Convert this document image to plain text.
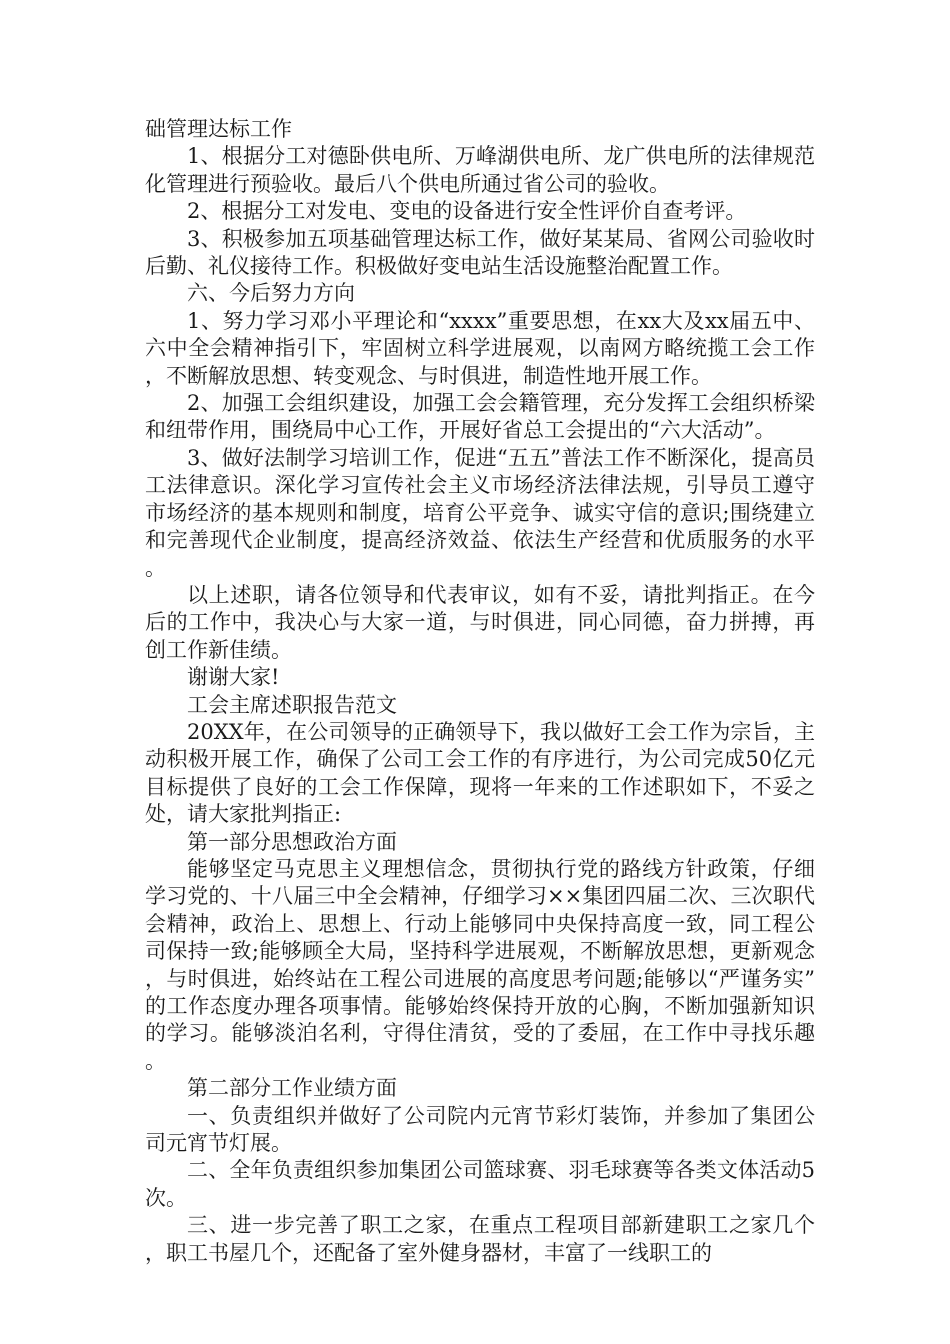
础管理达标工作

1、根据分工对德卧供电所、万峰湖供电所、龙广供电所的法律规范化管理进行预验收。最后八个供电所通过省公司的验收。

2、根据分工对发电、变电的设备进行安全性评价自查考评。

3、积极参加五项基础管理达标工作，做好某某局、省网公司验收时后勤、礼仪接待工作。积极做好变电站生活设施整治配置工作。

六、今后努力方向

1、努力学习邓小平理论和“xxxx”重要思想，在xx大及xx届五中、六中全会精神指引下，牢固树立科学进展观，以南网方略统揽工会工作，不断解放思想、转变观念、与时俱进，制造性地开展工作。

2、加强工会组织建设，加强工会会籍管理，充分发挥工会组织桥梁和纽带作用，围绕局中心工作，开展好省总工会提出的“六大活动”。

3、做好法制学习培训工作，促进“五五”普法工作不断深化，提高员工法律意识。深化学习宣传社会主义市场经济法律法规，引导员工遵守市场经济的基本规则和制度，培育公平竞争、诚实守信的意识;围绕建立和完善现代企业制度，提高经济效益、依法生产经营和优质服务的水平。

以上述职，请各位领导和代表审议，如有不妥，请批判指正。在今后的工作中，我决心与大家一道，与时俱进，同心同德，奋力拼搏，再创工作新佳绩。

谢谢大家!

工会主席述职报告范文

20XX年，在公司领导的正确领导下，我以做好工会工作为宗旨，主动积极开展工作，确保了公司工会工作的有序进行，为公司完成50亿元目标提供了良好的工会工作保障，现将一年来的工作述职如下，不妥之处，请大家批判指正:

第一部分思想政治方面

能够坚定马克思主义理想信念，贯彻执行党的路线方针政策，仔细学习党的、十八届三中全会精神，仔细学习××集团四届二次、三次职代会精神，政治上、思想上、行动上能够同中央保持高度一致，同工程公司保持一致;能够顾全大局，坚持科学进展观，不断解放思想，更新观念，与时俱进，始终站在工程公司进展的高度思考问题;能够以“严谨务实”的工作态度办理各项事情。能够始终保持开放的心胸，不断加强新知识的学习。能够淡泊名利，守得住清贫，受的了委屈，在工作中寻找乐趣。

第二部分工作业绩方面

一、负责组织并做好了公司院内元宵节彩灯装饰，并参加了集团公司元宵节灯展。

二、全年负责组织参加集团公司篮球赛、羽毛球赛等各类文体活动5次。

三、进一步完善了职工之家，在重点工程项目部新建职工之家几个，职工书屋几个，还配备了室外健身器材，丰富了一线职工的
